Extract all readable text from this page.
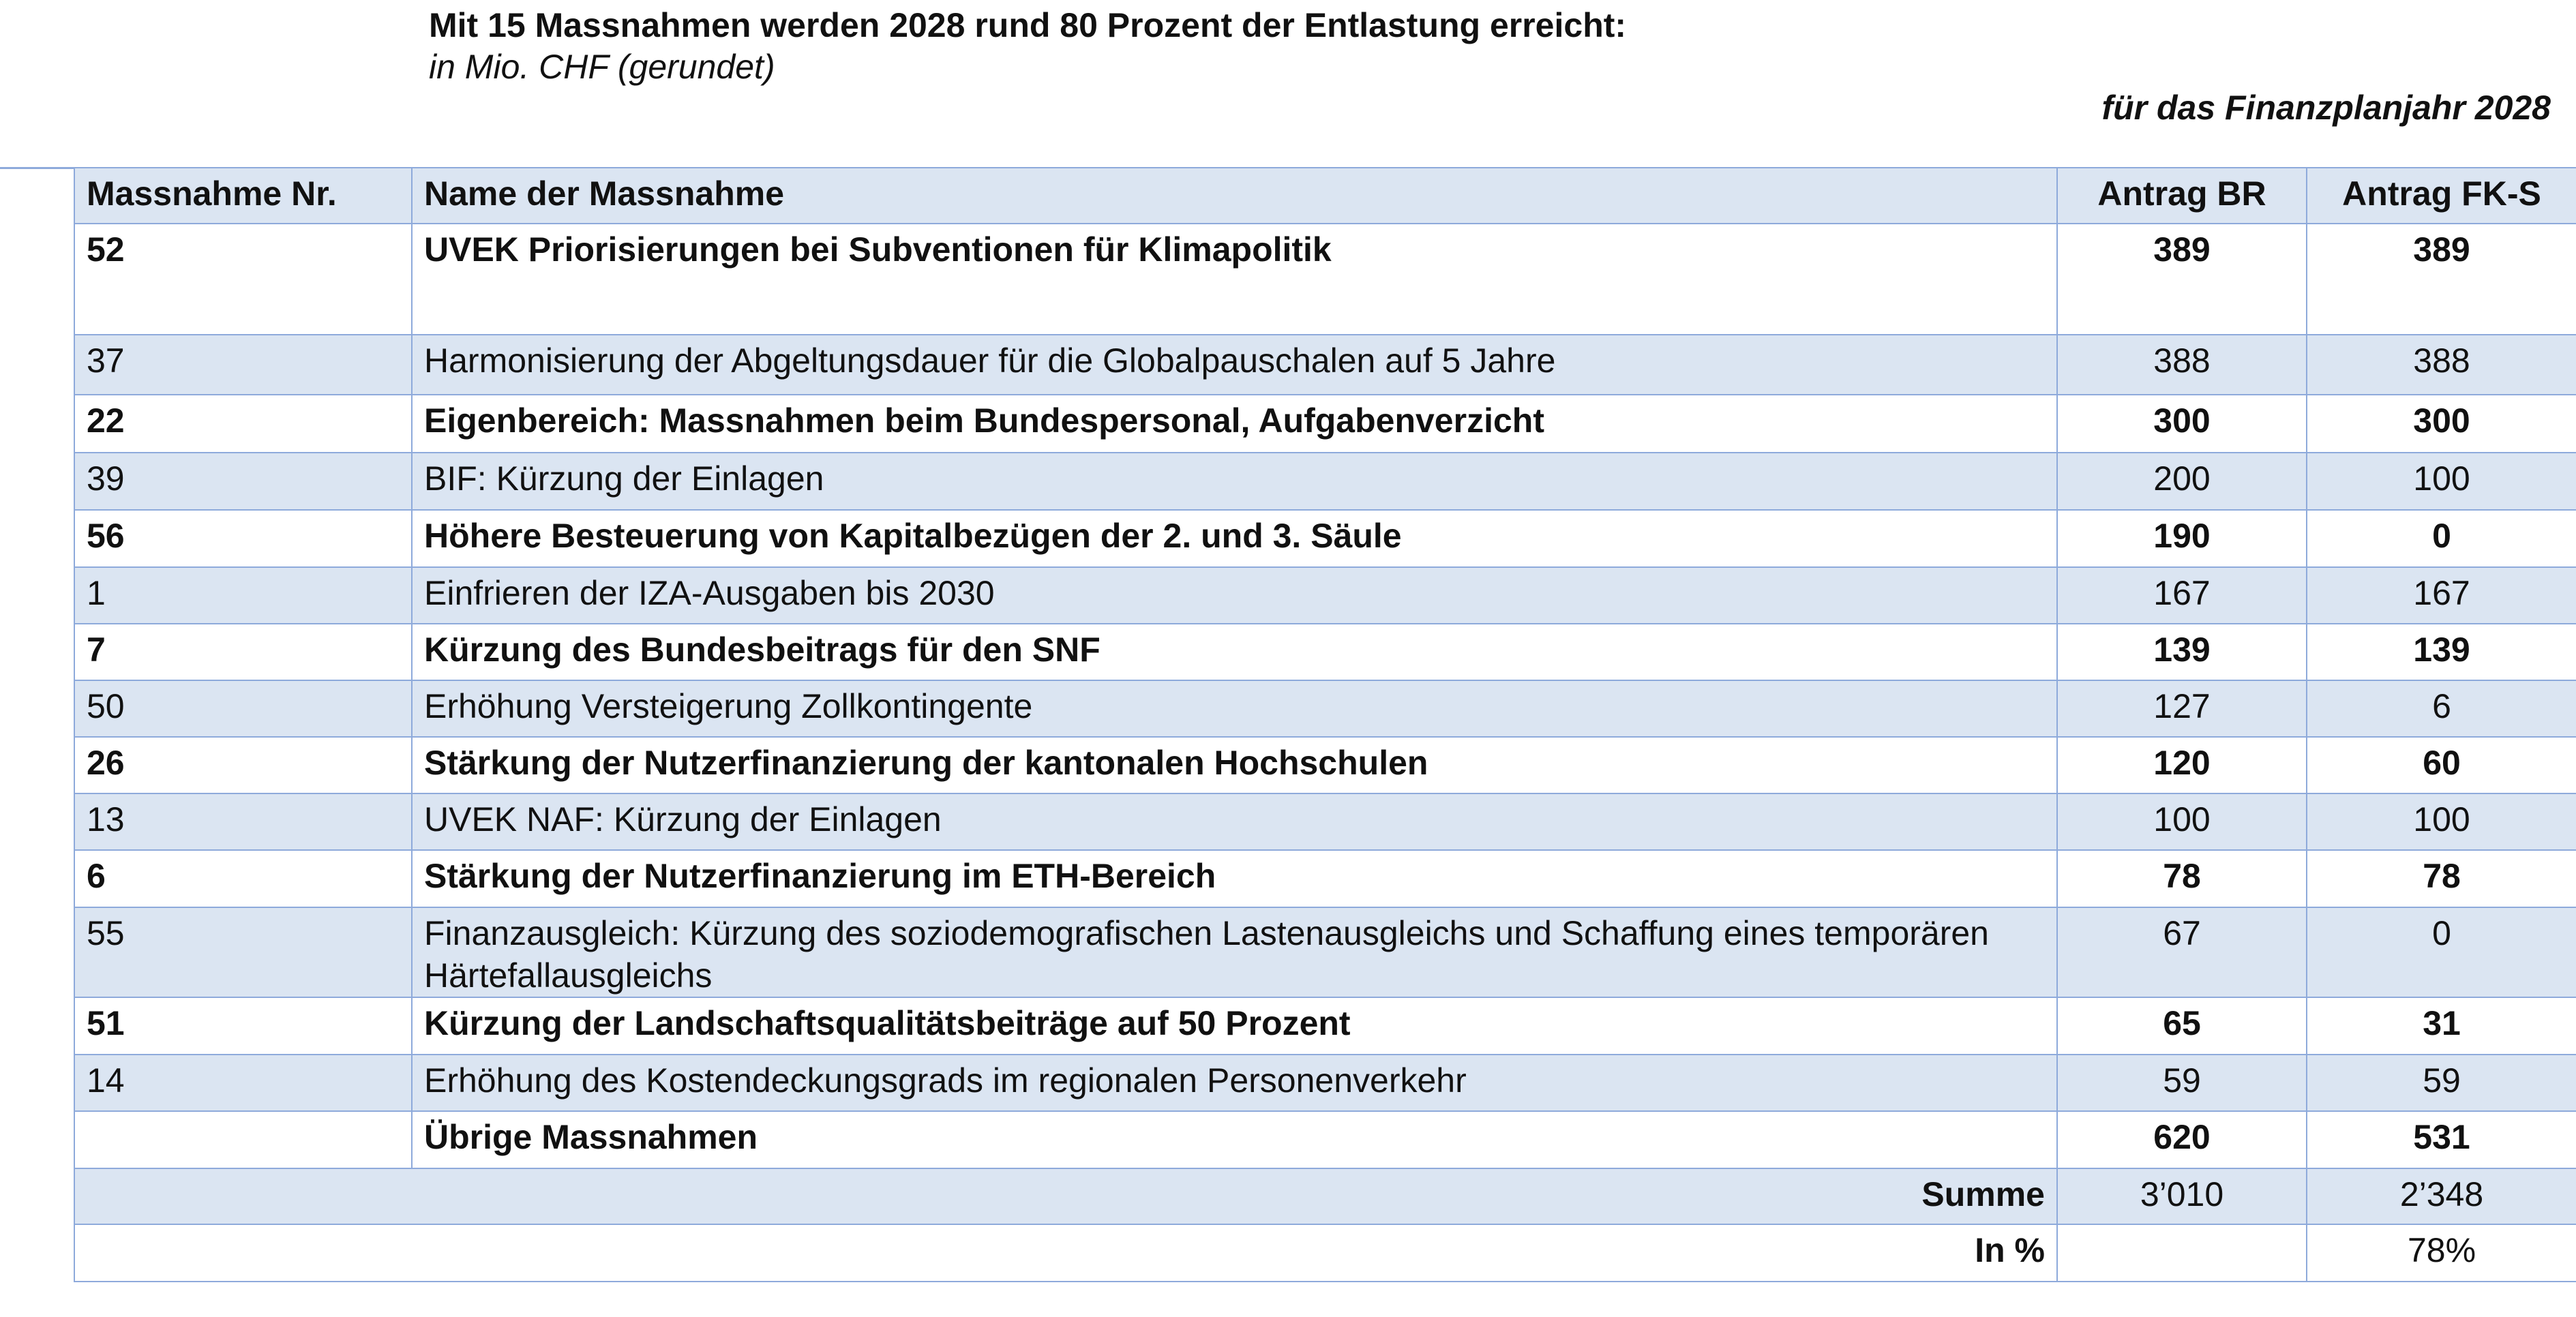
Mit 15 Massnahmen werden 2028 rund 80 Prozent der Entlastung erreicht:
in Mio. CHF (gerundet)
für das Finanzplanjahr 2028
Massnahme Nr.	Name der Massnahme	Antrag BR	Antrag FK-S
52	UVEK Priorisierungen bei Subventionen für Klimapolitik	389	389
37	Harmonisierung der Abgeltungsdauer für die Globalpauschalen auf 5 Jahre	388	388
22	Eigenbereich: Massnahmen beim Bundespersonal, Aufgabenverzicht	300	300
39	BIF: Kürzung der Einlagen	200	100
56	Höhere Besteuerung von Kapitalbezügen der 2. und 3. Säule	190	0
1	Einfrieren der IZA-Ausgaben bis 2030	167	167
7	Kürzung des Bundesbeitrags für den SNF	139	139
50	Erhöhung Versteigerung Zollkontingente	127	6
26	Stärkung der Nutzerfinanzierung der kantonalen Hochschulen	120	60
13	UVEK NAF: Kürzung der Einlagen	100	100
6	Stärkung der Nutzerfinanzierung im ETH-Bereich	78	78
55	Finanzausgleich: Kürzung des soziodemografischen Lastenausgleichs und Schaffung eines temporären Härtefallausgleichs	67	0
51	Kürzung der Landschaftsqualitätsbeiträge auf 50 Prozent	65	31
14	Erhöhung des Kostendeckungsgrads im regionalen Personenverkehr	59	59
	Übrige Massnahmen	620	531
Summe		3’010	2’348
In %			78%
